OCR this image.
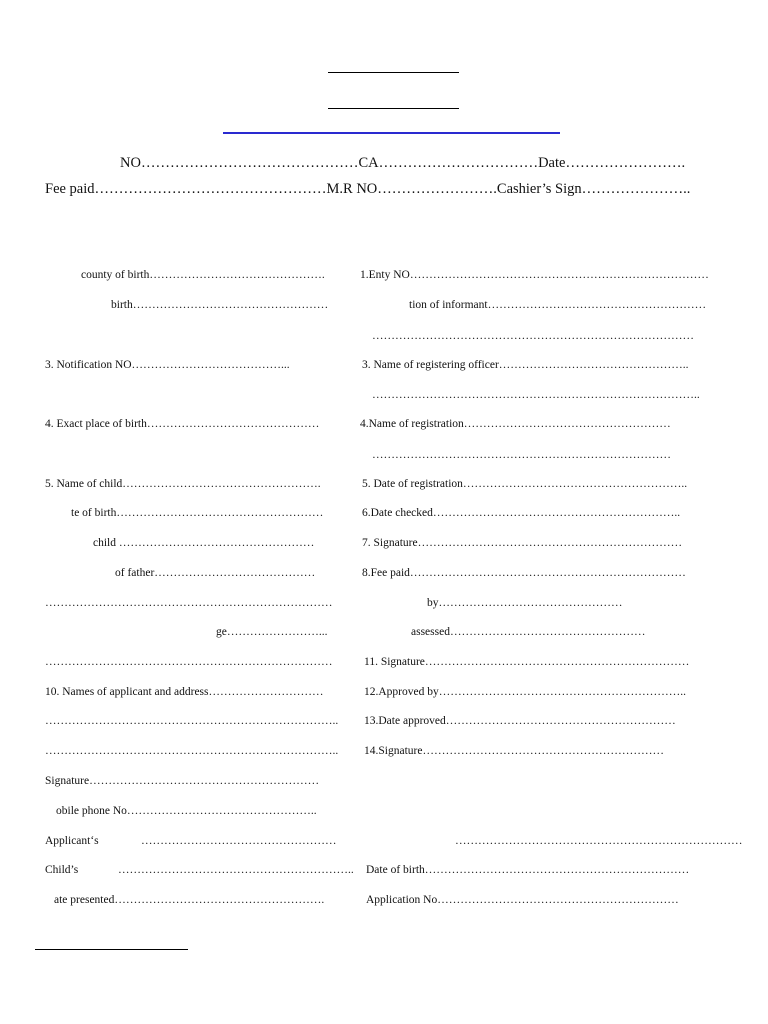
NO………………………………………CA……………………………Date…………………….
Fee paid…………………………………………M.R NO…………………….Cashier’s Sign…………………..
county of birth……………………………………….
birth……………………………………………
3. Notification NO…………………………………...
4. Exact place of birth………………………………………
5. Name of child…………………………………………….
te of birth………………………………………………
child ……………………………………………
of father……………………………………
…………………………………………………………………
ge……………………...
…………………………………………………………………
10. Names of applicant and address…………………………
…………………………………………………………………..
…………………………………………………………………..
Signature……………………………………………………
obile phone No…………………………………………..
Applicant‘s	……………………………………………
Child’s	……………………………………………………..
ate presented……………………………………………….
1.Enty NO……………………………………………………………………
tion of informant…………………………………………………
…………………………………………………………………………
3. Name of registering officer…………………………………………..
…………………………………………………………………………..
4.Name of registration………………………………………………
……………………………………………………………………
5. Date of registration…………………………………………………..
6.Date checked………………………………………………………..
7. Signature……………………………………………………………
8.Fee paid………………………………………………………………
by…………………………………………
assessed……………………………………………
11. Signature……………………………………………………………
12.Approved by………………………………………………………..
13.Date approved……………………………………………………
14.Signature………………………………………………………
…………………………………………………………………
Date of birth……………………………………………………………
Application No………………………………………………………
